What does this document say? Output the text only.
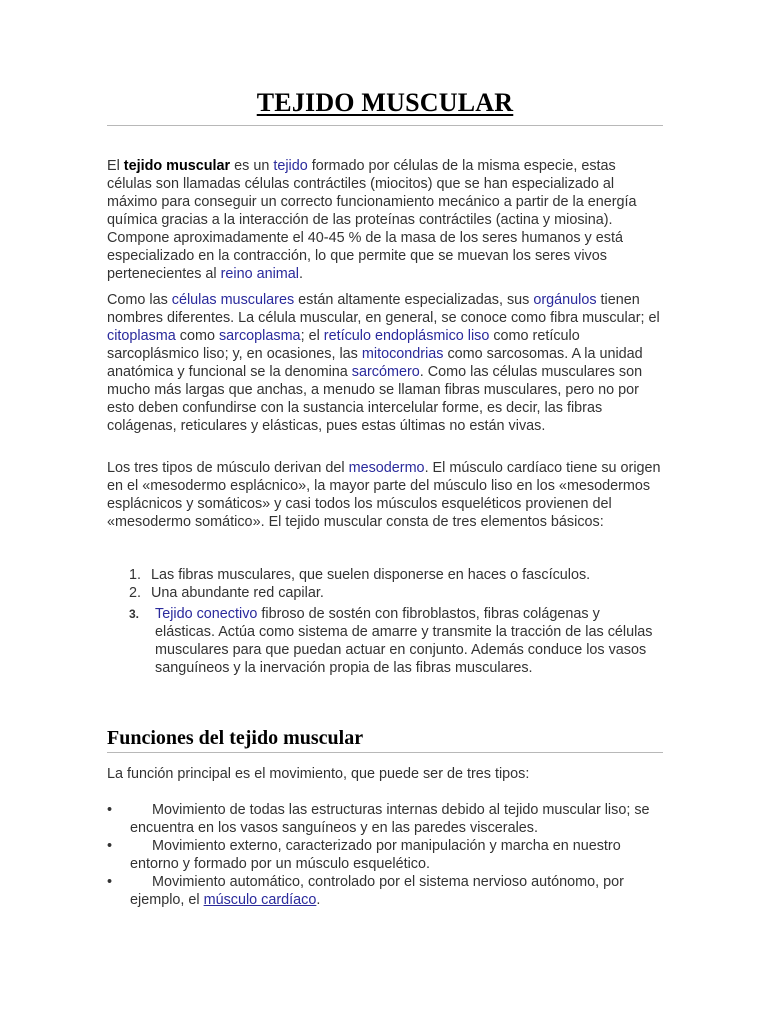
TEJIDO MUSCULAR

El tejido muscular es un tejido formado por células de la misma especie, estas células son llamadas células contráctiles (miocitos) que se han especializado al máximo para conseguir un correcto funcionamiento mecánico a partir de la energía química gracias a la interacción de las proteínas contráctiles (actina y miosina). Compone aproximadamente el 40-45 % de la masa de los seres humanos y está especializado en la contracción, lo que permite que se muevan los seres vivos pertenecientes al reino animal.

Como las células musculares están altamente especializadas, sus orgánulos tienen nombres diferentes. La célula muscular, en general, se conoce como fibra muscular; el citoplasma como sarcoplasma; el retículo endoplásmico liso como retículo sarcoplásmico liso; y, en ocasiones, las mitocondrias como sarcosomas. A la unidad anatómica y funcional se la denomina sarcómero. Como las células musculares son mucho más largas que anchas, a menudo se llaman fibras musculares, pero no por esto deben confundirse con la sustancia intercelular forme, es decir, las fibras colágenas, reticulares y elásticas, pues estas últimas no están vivas.

Los tres tipos de músculo derivan del mesodermo. El músculo cardíaco tiene su origen en el «mesodermo esplácnico», la mayor parte del músculo liso en los «mesodermos esplácnicos y somáticos» y casi todos los músculos esqueléticos provienen del «mesodermo somático». El tejido muscular consta de tres elementos básicos:

1. Las fibras musculares, que suelen disponerse en haces o fascículos.
2. Una abundante red capilar.
3.	Tejido conectivo fibroso de sostén con fibroblastos, fibras colágenas y elásticas. Actúa como sistema de amarre y transmite la tracción de las células musculares para que puedan actuar en conjunto. Además conduce los vasos sanguíneos y la inervación propia de las fibras musculares.
Funciones del tejido muscular

La función principal es el movimiento, que puede ser de tres tipos:

•	Movimiento de todas las estructuras internas debido al tejido muscular liso; se encuentra en los vasos sanguíneos y en las paredes viscerales.
•	Movimiento externo, caracterizado por manipulación y marcha en nuestro entorno y formado por un músculo esquelético.
•	Movimiento automático, controlado por el sistema nervioso autónomo, por ejemplo, el músculo cardíaco.
